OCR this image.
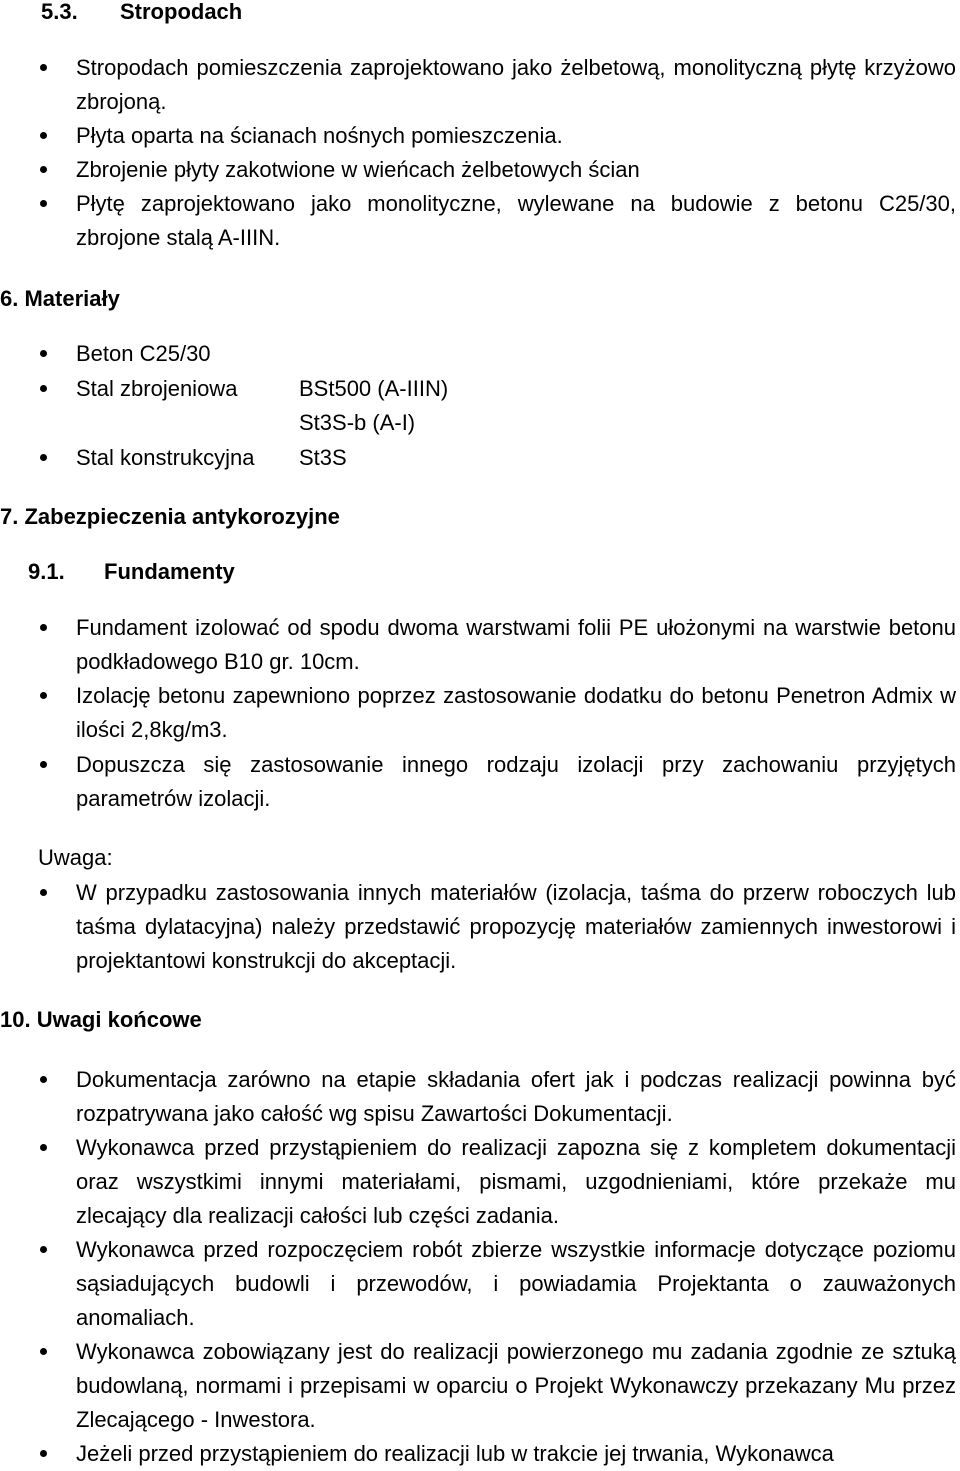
5.3. Stropodach
Stropodach pomieszczenia zaprojektowano jako żelbetową, monolityczną płytę krzyżowo zbrojoną.
Płyta oparta na ścianach nośnych pomieszczenia.
Zbrojenie płyty zakotwione w wieńcach żelbetowych ścian
Płytę zaprojektowano jako monolityczne, wylewane na budowie z betonu C25/30, zbrojone stalą A-IIIN.
6. Materiały
Beton C25/30
Stal zbrojeniowa	BSt500 (A-IIIN)
St3S-b (A-I)
Stal konstrukcyjna St3S
7. Zabezpieczenia antykorozyjne
9.1. Fundamenty
Fundament izolować od spodu dwoma warstwami folii PE ułożonymi na warstwie betonu podkładowego B10 gr. 10cm.
Izolację betonu zapewniono poprzez zastosowanie dodatku do betonu Penetron Admix w ilości 2,8kg/m3.
Dopuszcza się zastosowanie innego rodzaju izolacji przy zachowaniu przyjętych parametrów izolacji.
Uwaga:
W przypadku zastosowania innych materiałów (izolacja, taśma do przerw roboczych lub taśma dylatacyjna) należy przedstawić propozycję materiałów zamiennych inwestorowi i projektantowi konstrukcji do akceptacji.
10. Uwagi końcowe
Dokumentacja zarówno na etapie składania ofert jak i podczas realizacji powinna być rozpatrywana jako całość wg spisu Zawartości Dokumentacji.
Wykonawca przed przystąpieniem do realizacji zapozna się z kompletem dokumentacji oraz wszystkimi innymi materiałami, pismami, uzgodnieniami, które przekaże mu zlecający dla realizacji całości lub części zadania.
Wykonawca przed rozpoczęciem robót zbierze wszystkie informacje dotyczące poziomu sąsiadujących budowli i przewodów, i powiadamia Projektanta o zauważonych anomaliach.
Wykonawca zobowiązany jest do realizacji powierzonego mu zadania zgodnie ze sztuką budowlaną, normami i przepisami w oparciu o Projekt Wykonawczy przekazany Mu przez Zlecającego - Inwestora.
Jeżeli przed przystąpieniem do realizacji lub w trakcie jej trwania, Wykonawca
